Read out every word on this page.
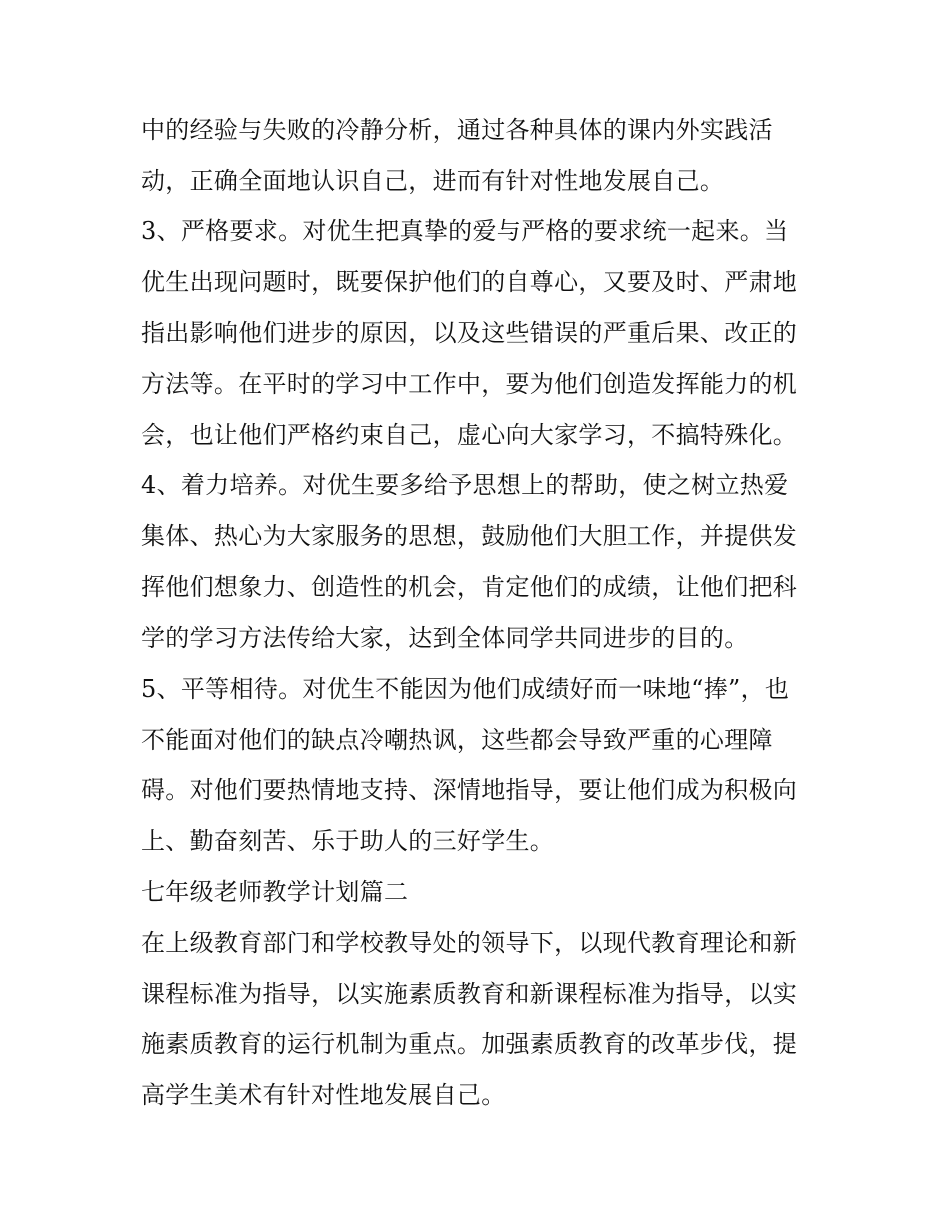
中的经验与失败的冷静分析，通过各种具体的课内外实践活

动，正确全面地认识自己，进而有针对性地发展自己。

3、严格要求。对优生把真挚的爱与严格的要求统一起来。当

优生出现问题时，既要保护他们的自尊心，又要及时、严肃地

指出影响他们进步的原因，以及这些错误的严重后果、改正的

方法等。在平时的学习中工作中，要为他们创造发挥能力的机

会，也让他们严格约束自己，虚心向大家学习，不搞特殊化。

4、着力培养。对优生要多给予思想上的帮助，使之树立热爱

集体、热心为大家服务的思想，鼓励他们大胆工作，并提供发

挥他们想象力、创造性的机会，肯定他们的成绩，让他们把科

学的学习方法传给大家，达到全体同学共同进步的目的。

5、平等相待。对优生不能因为他们成绩好而一味地“捧”，也

不能面对他们的缺点冷嘲热讽，这些都会导致严重的心理障

碍。对他们要热情地支持、深情地指导，要让他们成为积极向

上、勤奋刻苦、乐于助人的三好学生。

七年级老师教学计划篇二

在上级教育部门和学校教导处的领导下，以现代教育理论和新

课程标准为指导，以实施素质教育和新课程标准为指导，以实

施素质教育的运行机制为重点。加强素质教育的改革步伐，提

高学生美术有针对性地发展自己。
